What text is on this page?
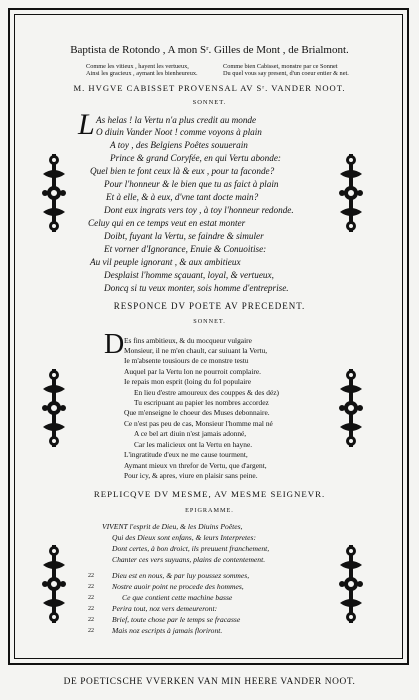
Baptista de Rotondo , A mon Sʳ. Gilles de Mont , de Brialmont.
Comme les vitieux , hayent les vertueux,
Ainsi les gracieux , aymant les bienheureux.
Comme bien Cabisset, monstre par ce Sonnet
Du quel vous say present, d'un coeur entier & net.
M. HVGVE CABISSET PROVENSAL AV Sʳ. VANDER NOOT.
SONNET.
L As helas ! la Vertu n'a plus credit au monde
O diuin Vander Noot ! comme voyons à plain
A toy , des Belgiens Poêtes souuerain
Prince & grand Coryfée, en qui Vertu abonde:
Quel bien te font ceux là & eux , pour ta faconde?
Pour l'honneur & le bien que tu as faict à plain
Et à elle, & à eux, d'vne tant docte main?
Dont eux ingrats vers toy , à toy l'honneur redonde.
Celuy qui en ce temps veut en estat monter
Doibt, fuyant la Vertu, se faindre & simuler
Et vorner d'Ignorance, Enuie & Conuoitise:
Au vil peuple ignorant , & aux ambitieux
Desplaist l'homme sçauant, loyal, & vertueux,
Doncq si tu veux monter, sois homme d'entreprise.
RESPONCE DV POETE AV PRECEDENT.
SONNET.
D Es fins ambitieux, & du mocqueur vulgaire
Monsieur, il ne m'en chault, car suiuant la Vertu,
Ie m'absente tousiours de ce monstre testu
Auquel par la Vertu lon ne pourroit complaire.
Ie repais mon esprit (loing du fol populaire
En lieu d'estre amoureux des couppes & des déz)
Tu escripuant au papier les nombres accordez
Que m'enseigne le choeur des Muses debonnaire.
Ce n'est pas peu de cas, Monsieur l'homme mal né
A ce bel art diuin n'est jamais adonné,
Car les malicieux ont la Vertu en hayne.
L'ingratitude d'eux ne me cause tourment,
Aymant mieux vn threfor de Vertu, que d'argent,
Pour icy, & apres, viure en plaisir sans peine.
REPLICQVE DV MESME, AV MESME SEIGNEVR.
EPIGRAMME.
VIVENT l'esprit de Dieu, & les Diuins Poêtes,
Qui des Dieux sont enfans, & leurs Interpretes:
Dont certes, à bon droict, ils preuuent franchement,
Chanter ces vers suyuans, plains de contentement.
22 Dieu est en nous, & par luy poussez sommes,
22 Nostre auoir point ne procede des hommes,
22	Ce que contient cette machine basse
22 Perira tout, noz vers demeureront:
22 Brief, toute chose par le temps se fracasse
22 Mais noz escripts à jamais floriront.
DE POETICSCHE VVERKEN VAN MIN HEERE VANDER NOOT.
